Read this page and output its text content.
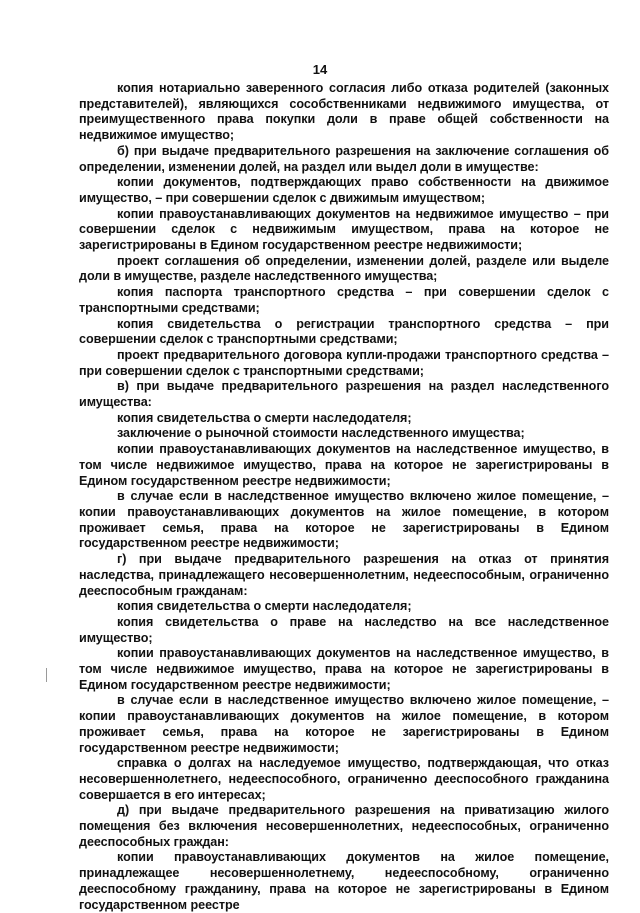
14

копия нотариально заверенного согласия либо отказа родителей (законных представителей), являющихся сособственниками недвижимого имущества, от преимущественного права покупки доли в праве общей собственности на недвижимое имущество;

б) при выдаче предварительного разрешения на заключение соглашения об определении, изменении долей, на раздел или выдел доли в имуществе:

копии документов, подтверждающих право собственности на движимое имущество, – при совершении сделок с движимым имуществом;

копии правоустанавливающих документов на недвижимое имущество – при совершении сделок с недвижимым имуществом, права на которое не зарегистрированы в Едином государственном реестре недвижимости;

проект соглашения об определении, изменении долей, разделе или выделе доли в имуществе, разделе наследственного имущества;

копия паспорта транспортного средства – при совершении сделок с транспортными средствами;

копия свидетельства о регистрации транспортного средства – при совершении сделок с транспортными средствами;

проект предварительного договора купли-продажи транспортного средства – при совершении сделок с транспортными средствами;

в) при выдаче предварительного разрешения на раздел наследственного имущества:

копия свидетельства о смерти наследодателя;

заключение о рыночной стоимости наследственного имущества;

копии правоустанавливающих документов на наследственное имущество, в том числе недвижимое имущество, права на которое не зарегистрированы в Едином государственном реестре недвижимости;

в случае если в наследственное имущество включено жилое помещение, – копии правоустанавливающих документов на жилое помещение, в котором проживает семья, права на которое не зарегистрированы в Едином государственном реестре недвижимости;

г) при выдаче предварительного разрешения на отказ от принятия наследства, принадлежащего несовершеннолетним, недееспособным, ограниченно дееспособным гражданам:

копия свидетельства о смерти наследодателя;

копия свидетельства о праве на наследство на все наследственное имущество;

копии правоустанавливающих документов на наследственное имущество, в том числе недвижимое имущество, права на которое не зарегистрированы в Едином государственном реестре недвижимости;

в случае если в наследственное имущество включено жилое помещение, – копии правоустанавливающих документов на жилое помещение, в котором проживает семья, права на которое не зарегистрированы в Едином государственном реестре недвижимости;

справка о долгах на наследуемое имущество, подтверждающая, что отказ несовершеннолетнего, недееспособного, ограниченно дееспособного гражданина совершается в его интересах;

д) при выдаче предварительного разрешения на приватизацию жилого помещения без включения несовершеннолетних, недееспособных, ограниченно дееспособных граждан:

копии правоустанавливающих документов на жилое помещение, принадлежащее несовершеннолетнему, недееспособному, ограниченно дееспособному гражданину, права на которое не зарегистрированы в Едином государственном реестре
